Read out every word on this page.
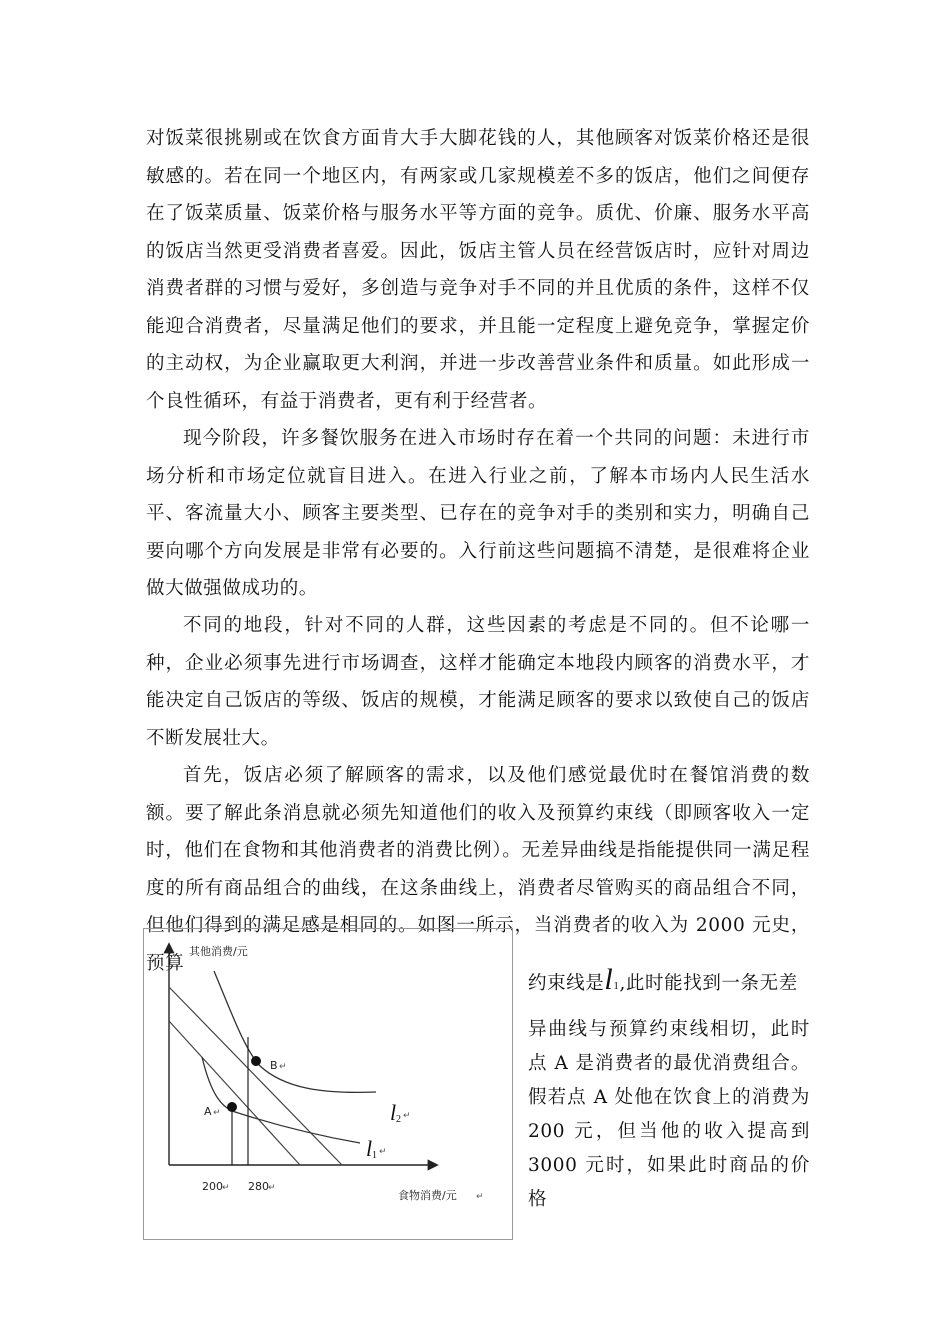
对饭菜很挑剔或在饮食方面肯大手大脚花钱的人，其他顾客对饭菜价格还是很敏感的。若在同一个地区内，有两家或几家规模差不多的饭店，他们之间便存在了饭菜质量、饭菜价格与服务水平等方面的竞争。质优、价廉、服务水平高的饭店当然更受消费者喜爱。因此，饭店主管人员在经营饭店时，应针对周边消费者群的习惯与爱好，多创造与竞争对手不同的并且优质的条件，这样不仅能迎合消费者，尽量满足他们的要求，并且能一定程度上避免竞争，掌握定价的主动权，为企业赢取更大利润，并进一步改善营业条件和质量。如此形成一个良性循环，有益于消费者，更有利于经营者。

现今阶段，许多餐饮服务在进入市场时存在着一个共同的问题：未进行市场分析和市场定位就盲目进入。在进入行业之前，了解本市场内人民生活水平、客流量大小、顾客主要类型、已存在的竞争对手的类别和实力，明确自己要向哪个方向发展是非常有必要的。入行前这些问题搞不清楚，是很难将企业做大做强做成功的。

不同的地段，针对不同的人群，这些因素的考虑是不同的。但不论哪一种，企业必须事先进行市场调查，这样才能确定本地段内顾客的消费水平，才能决定自己饭店的等级、饭店的规模，才能满足顾客的要求以致使自己的饭店不断发展壮大。

首先，饭店必须了解顾客的需求，以及他们感觉最优时在餐馆消费的数额。要了解此条消息就必须先知道他们的收入及预算约束线（即顾客收入一定时，他们在食物和其他消费者的消费比例）。无差异曲线是指能提供同一满足程度的所有商品组合的曲线，在这条曲线上，消费者尽管购买的商品组合不同，但他们得到的满足感是相同的。如图一所示，当消费者的收入为 2000 元史，预算

约束线是l1,此时能找到一条无差

异曲线与预算约束线相切，此时点 A 是消费者的最优消费组合。假若点 A 处他在饮食上的消费为 200 元，但当他的收入提高到 3000 元时，如果此时商品的价格

其他消费/元
食物消费/元 ↵
200 ↵ 280 ↵
A ↵
B ↵
l 2 ↵
l 1 ↵
